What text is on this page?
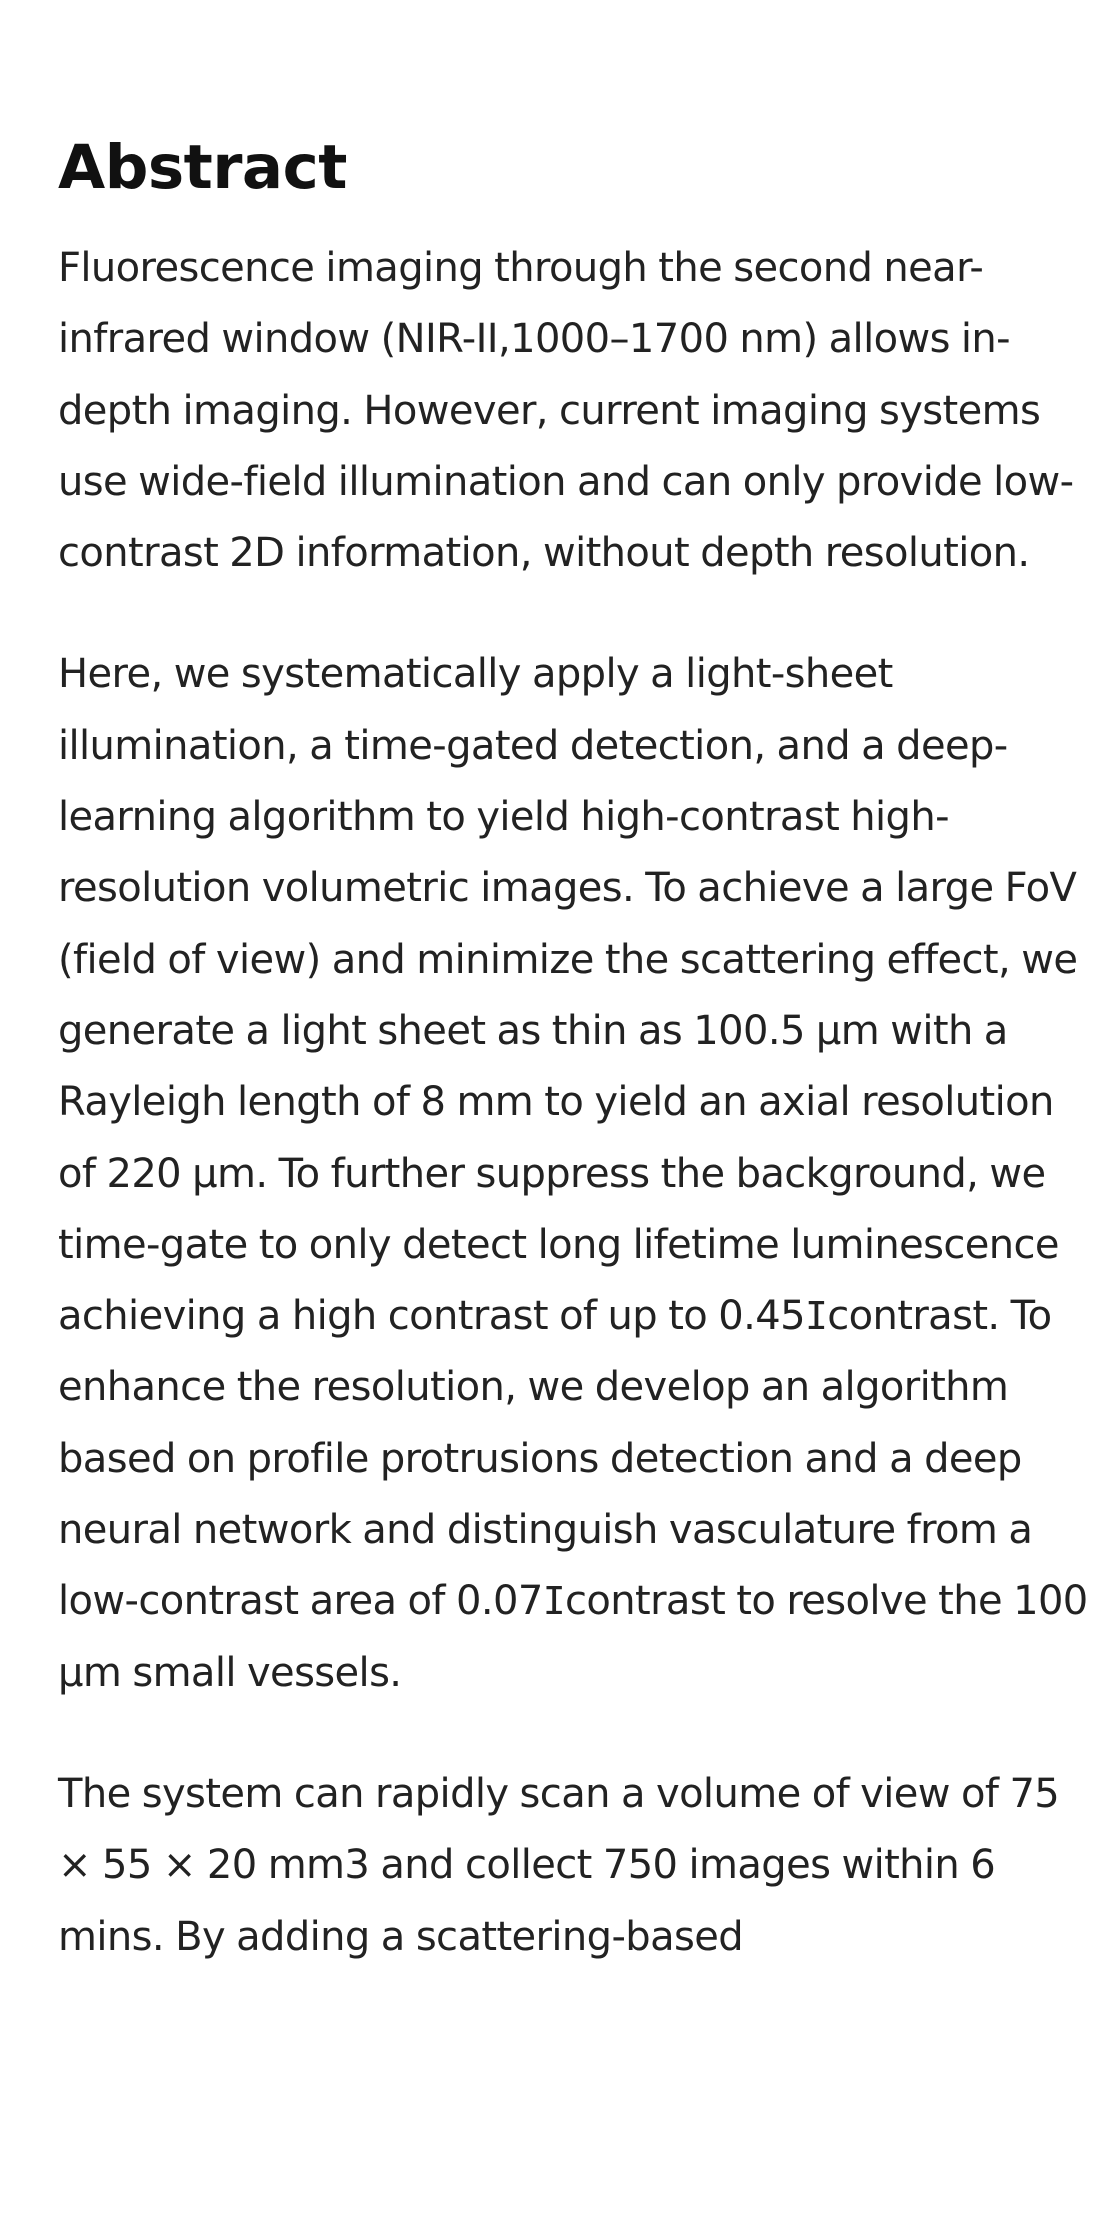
Abstract

Fluorescence imaging through the second near-infrared window (NIR-II,1000–1700 nm) allows in-depth imaging. However, current imaging systems use wide-field illumination and can only provide low-contrast 2D information, without depth resolution.

Here, we systematically apply a light-sheet illumination, a time-gated detection, and a deep-learning algorithm to yield high-contrast high-resolution volumetric images. To achieve a large FoV (field of view) and minimize the scattering effect, we generate a light sheet as thin as 100.5 μm with a Rayleigh length of 8 mm to yield an axial resolution of 220 μm. To further suppress the background, we time-gate to only detect long lifetime luminescence achieving a high contrast of up to 0.45Icontrast. To enhance the resolution, we develop an algorithm based on profile protrusions detection and a deep neural network and distinguish vasculature from a low-contrast area of 0.07Icontrast to resolve the 100 μm small vessels.

The system can rapidly scan a volume of view of 75 × 55 × 20 mm3 and collect 750 images within 6 mins. By adding a scattering-based
